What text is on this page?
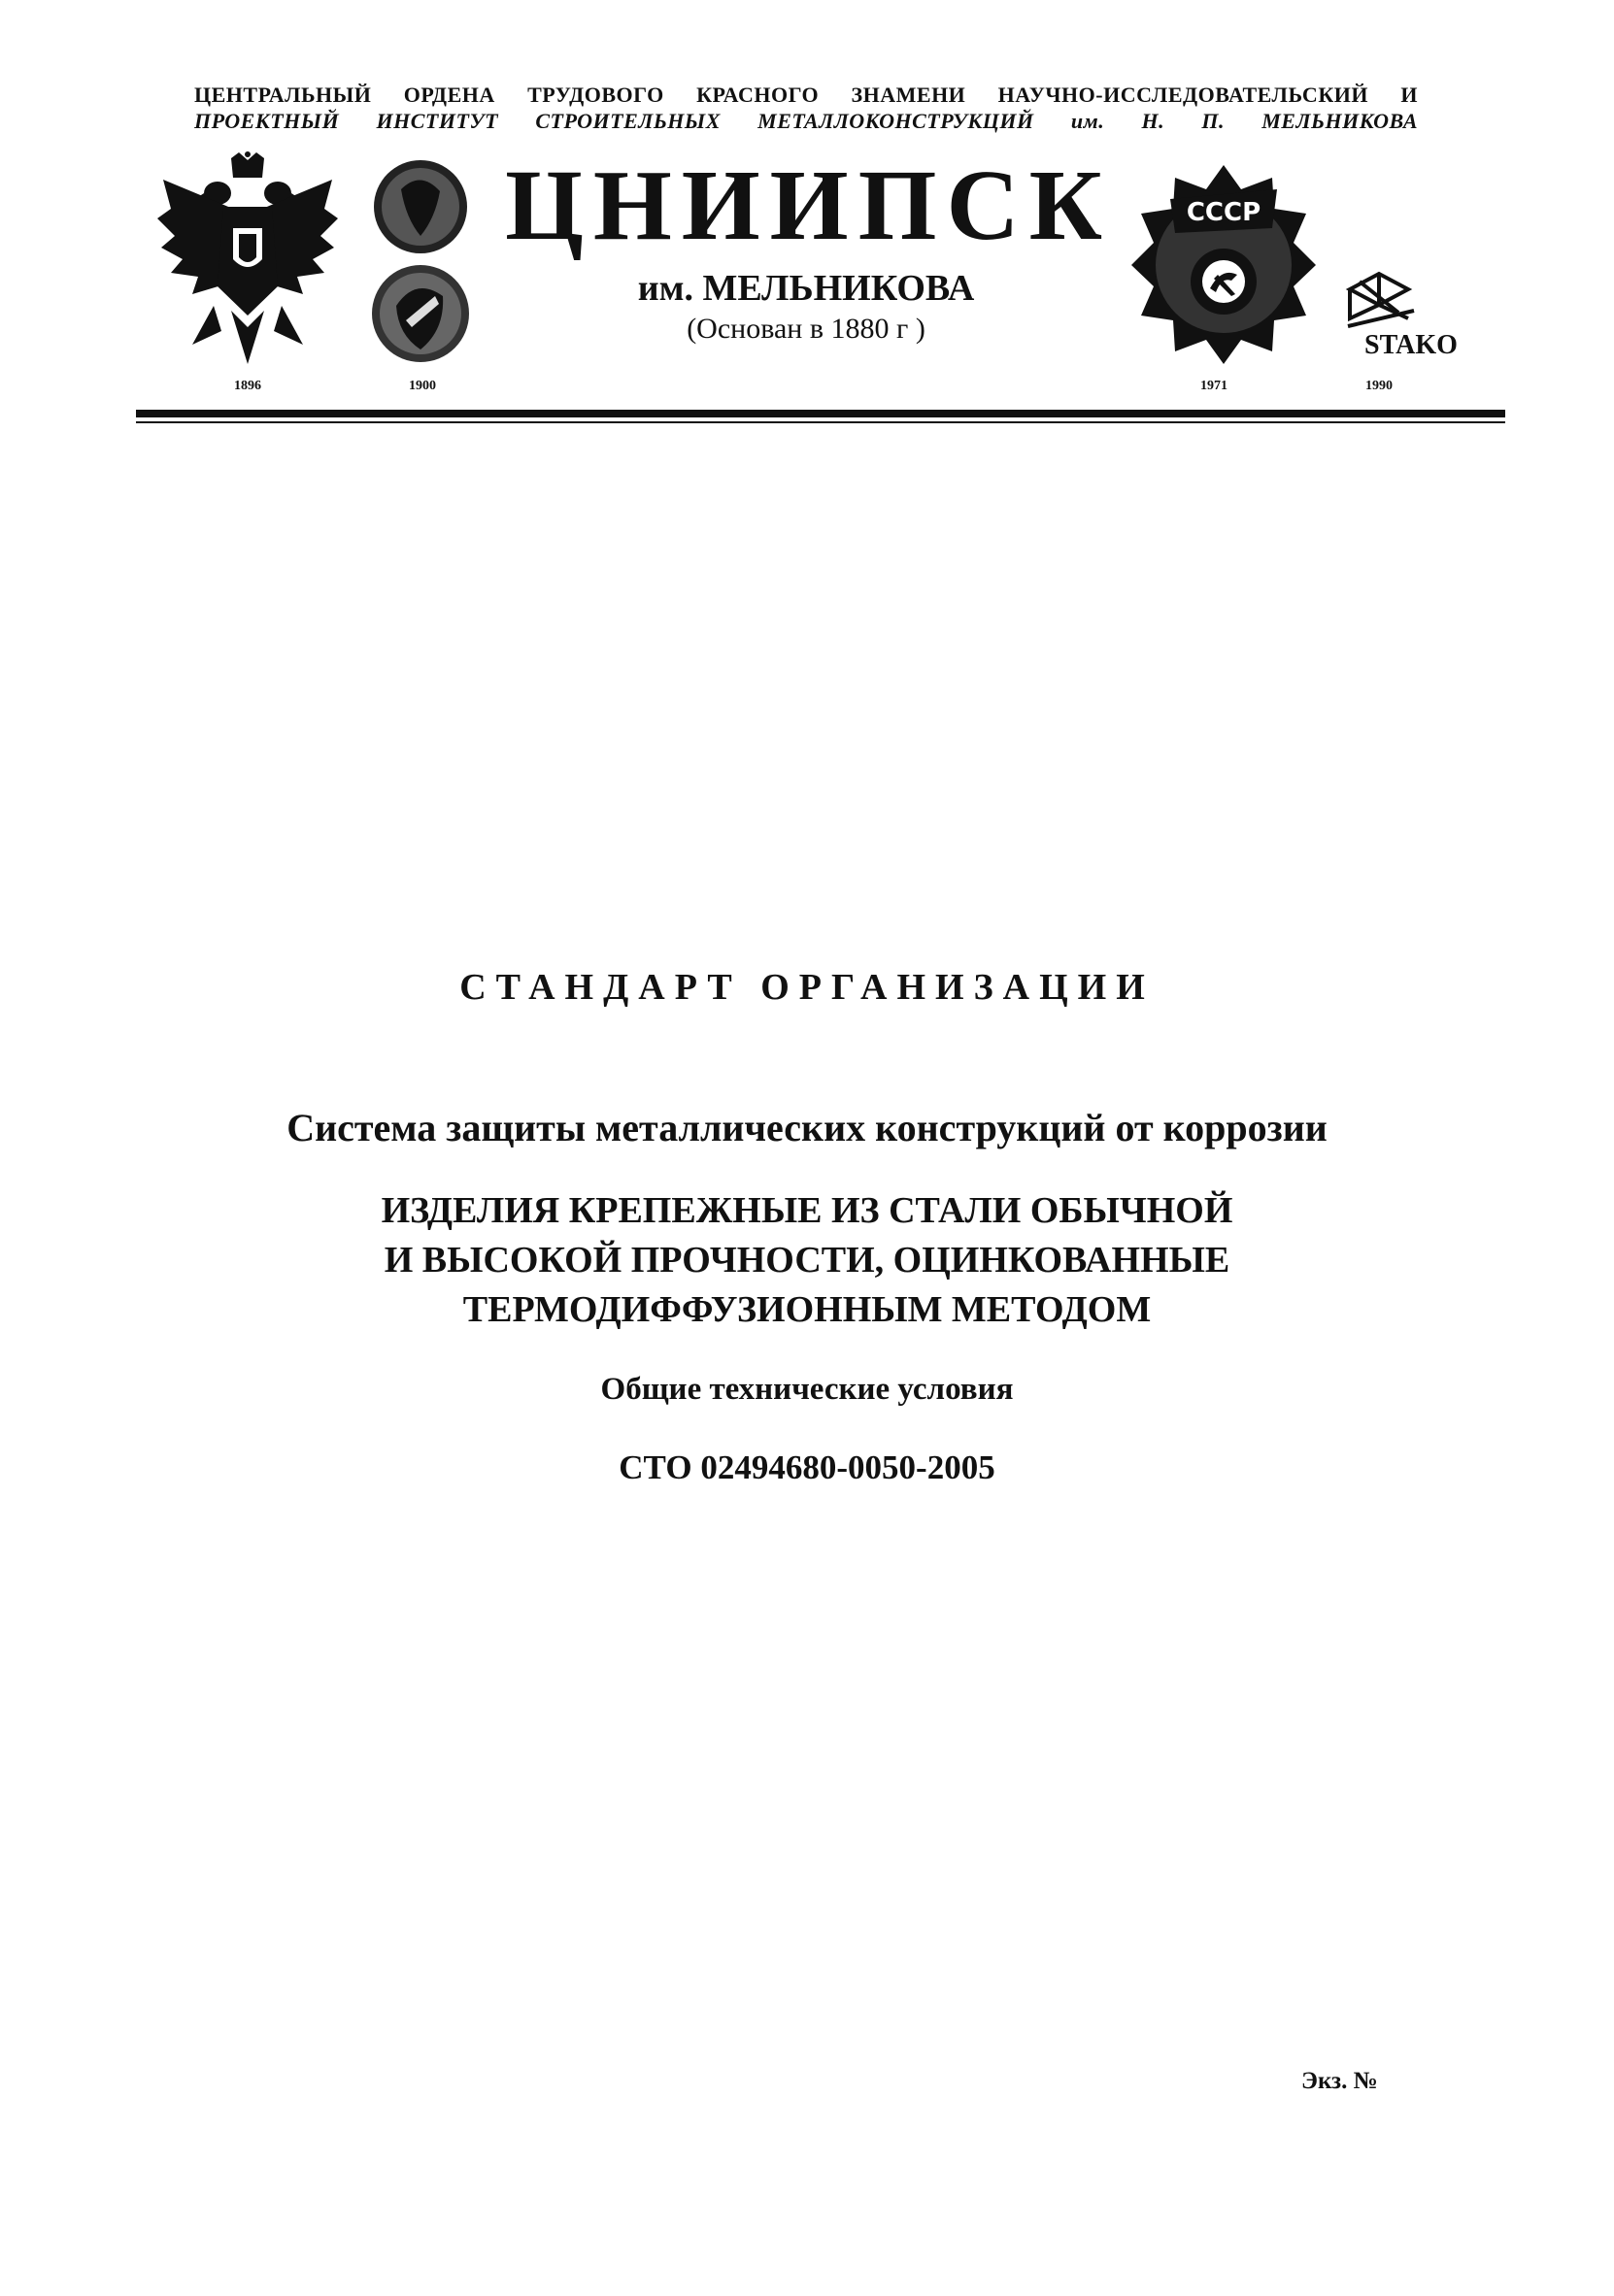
ЦЕНТРАЛЬНЫЙ ОРДЕНА ТРУДОВОГО КРАСНОГО ЗНАМЕНИ НАУЧНО-ИССЛЕДОВАТЕЛЬСКИЙ И
ПРОЕКТНЫЙ ИНСТИТУТ СТРОИТЕЛЬНЫХ МЕТАЛЛОКОНСТРУКЦИЙ им. Н. П. МЕЛЬНИКОВА
ЦНИИПСК
им. МЕЛЬНИКОВА
(Основан в 1880 г )
СССР
STAKO
1896	1900	1971	1990
СТАНДАРТ ОРГАНИЗАЦИИ
Система защиты металлических конструкций от коррозии
ИЗДЕЛИЯ КРЕПЕЖНЫЕ ИЗ СТАЛИ ОБЫЧНОЙ
И ВЫСОКОЙ ПРОЧНОСТИ, ОЦИНКОВАННЫЕ
ТЕРМОДИФФУЗИОННЫМ МЕТОДОМ
Общие технические условия
СТО 02494680-0050-2005
Экз. №
